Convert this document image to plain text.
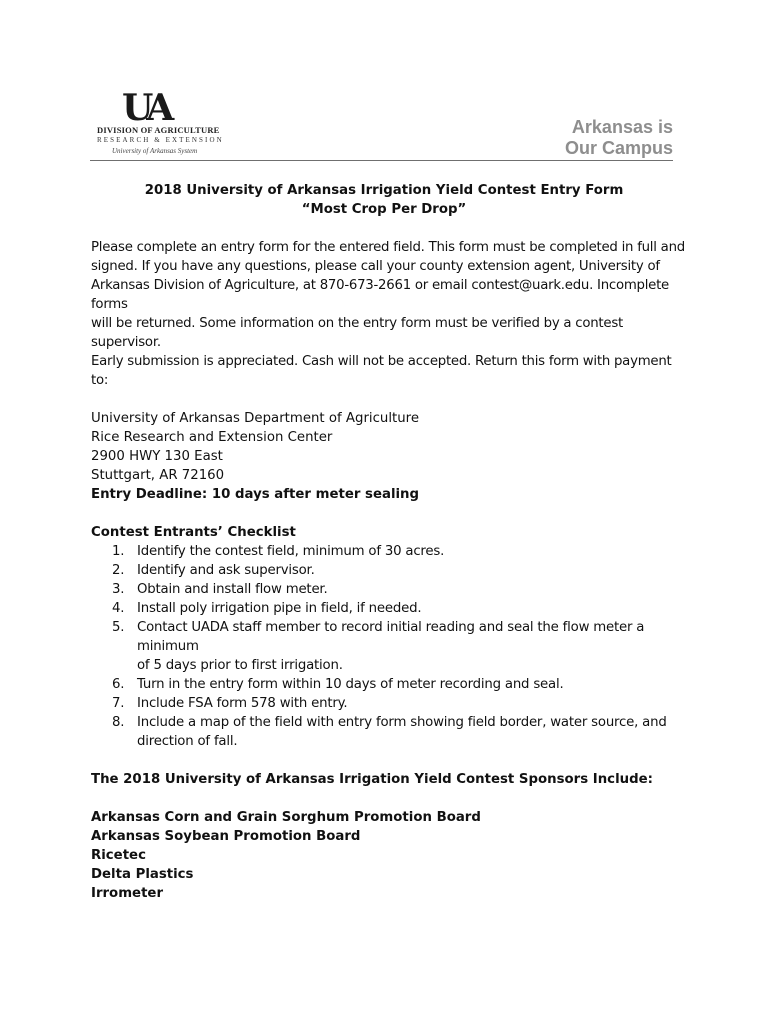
UA
DIVISION OF AGRICULTURE
RESEARCH & EXTENSION
University of Arkansas System
Arkansas is
Our Campus

2018 University of Arkansas Irrigation Yield Contest Entry Form

“Most Crop Per Drop”

Please complete an entry form for the entered field. This form must be completed in full and

signed. If you have any questions, please call your county extension agent, University of

Arkansas Division of Agriculture, at 870-673-2661 or email contest@uark.edu. Incomplete forms

will be returned. Some information on the entry form must be verified by a contest supervisor.

Early submission is appreciated. Cash will not be accepted. Return this form with payment to:

University of Arkansas Department of Agriculture

Rice Research and Extension Center

2900 HWY 130 East

Stuttgart, AR 72160

Entry Deadline: 10 days after meter sealing

Contest Entrants’ Checklist

1. Identify the contest field, minimum of 30 acres.
2. Identify and ask supervisor.
3. Obtain and install flow meter.
4. Install poly irrigation pipe in field, if needed.
5. Contact UADA staff member to record initial reading and seal the flow meter a minimum
of 5 days prior to first irrigation.
6. Turn in the entry form within 10 days of meter recording and seal.
7. Include FSA form 578 with entry.
8. Include a map of the field with entry form showing field border, water source, and
direction of fall.

The 2018 University of Arkansas Irrigation Yield Contest Sponsors Include:

Arkansas Corn and Grain Sorghum Promotion Board

Arkansas Soybean Promotion Board

Ricetec

Delta Plastics

Irrometer
